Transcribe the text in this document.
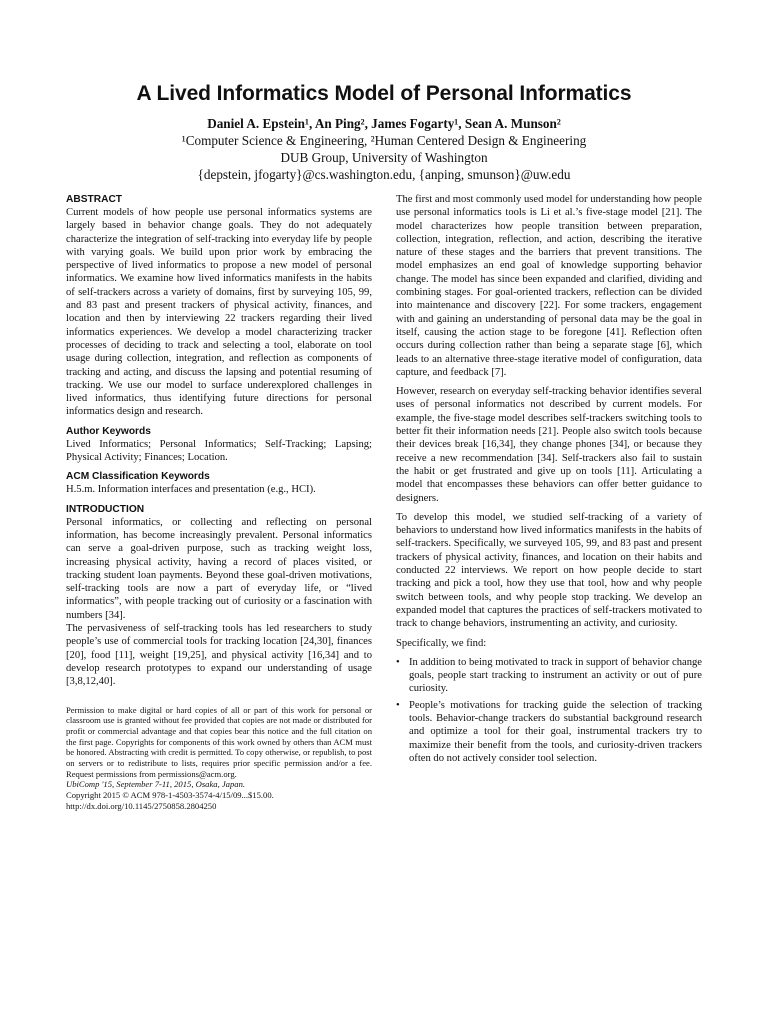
A Lived Informatics Model of Personal Informatics
Daniel A. Epstein¹, An Ping², James Fogarty¹, Sean A. Munson²
¹Computer Science & Engineering, ²Human Centered Design & Engineering
DUB Group, University of Washington
{depstein, jfogarty}@cs.washington.edu, {anping, smunson}@uw.edu
ABSTRACT

Current models of how people use personal informatics systems are largely based in behavior change goals. They do not adequately characterize the integration of self-tracking into everyday life by people with varying goals. We build upon prior work by embracing the perspective of lived informatics to propose a new model of personal informatics. We examine how lived informatics manifests in the habits of self-trackers across a variety of domains, first by surveying 105, 99, and 83 past and present trackers of physical activity, finances, and location and then by interviewing 22 trackers regarding their lived informatics experiences. We develop a model characterizing tracker processes of deciding to track and selecting a tool, elaborate on tool usage during collection, integration, and reflection as components of tracking and acting, and discuss the lapsing and potential resuming of tracking. We use our model to surface underexplored challenges in lived informatics, thus identifying future directions for personal informatics design and research.

Author Keywords

Lived Informatics; Personal Informatics; Self-Tracking; Lapsing; Physical Activity; Finances; Location.

ACM Classification Keywords

H.5.m. Information interfaces and presentation (e.g., HCI).

INTRODUCTION

Personal informatics, or collecting and reflecting on personal information, has become increasingly prevalent. Personal informatics can serve a goal-driven purpose, such as tracking weight loss, increasing physical activity, having a record of places visited, or tracking student loan payments. Beyond these goal-driven motivations, self-tracking tools are now a part of everyday life, or “lived informatics”, with people tracking out of curiosity or a fascination with numbers [34].

The pervasiveness of self-tracking tools has led researchers to study people’s use of commercial tools for tracking location [24,30], finances [20], food [11], weight [19,25], and physical activity [16,34] and to develop research prototypes to expand our understanding of usage [3,8,12,40].

Permission to make digital or hard copies of all or part of this work for personal or classroom use is granted without fee provided that copies are not made or distributed for profit or commercial advantage and that copies bear this notice and the full citation on the first page. Copyrights for components of this work owned by others than ACM must be honored. Abstracting with credit is permitted. To copy otherwise, or republish, to post on servers or to redistribute to lists, requires prior specific permission and/or a fee. Request permissions from permissions@acm.org.
UbiComp '15, September 7-11, 2015, Osaka, Japan.
Copyright 2015 © ACM 978-1-4503-3574-4/15/09...$15.00.
http://dx.doi.org/10.1145/2750858.2804250

The first and most commonly used model for understanding how people use personal informatics tools is Li et al.’s five-stage model [21]. The model characterizes how people transition between preparation, collection, integration, reflection, and action, describing the iterative nature of these stages and the barriers that prevent transitions. The model emphasizes an end goal of knowledge supporting behavior change. The model has since been expanded and clarified, dividing and combining stages. For goal-oriented trackers, reflection can be divided into maintenance and discovery [22]. For some trackers, engagement with and gaining an understanding of personal data may be the goal in itself, causing the action stage to be foregone [41]. Reflection often occurs during collection rather than being a separate stage [6], which leads to an alternative three-stage iterative model of configuration, data capture, and feedback [7].

However, research on everyday self-tracking behavior identifies several uses of personal informatics not described by current models. For example, the five-stage model describes self-trackers switching tools to better fit their information needs [21]. People also switch tools because their devices break [16,34], they change phones [34], or because they receive a new recommendation [34]. Self-trackers also fail to sustain the habit or get frustrated and give up on tools [11]. Articulating a model that encompasses these behaviors can offer better guidance to designers.

To develop this model, we studied self-tracking of a variety of behaviors to understand how lived informatics manifests in the habits of self-trackers. Specifically, we surveyed 105, 99, and 83 past and present trackers of physical activity, finances, and location on their habits and conducted 22 interviews. We report on how people decide to start tracking and pick a tool, how they use that tool, how and why people switch between tools, and why people stop tracking. We develop an expanded model that captures the practices of self-trackers motivated to track to change behaviors, instrumenting an activity, and curiosity.

Specifically, we find:

• In addition to being motivated to track in support of behavior change goals, people start tracking to instrument an activity or out of pure curiosity.
• People’s motivations for tracking guide the selection of tracking tools. Behavior-change trackers do substantial background research and optimize a tool for their goal, instrumental trackers try to maximize their benefit from the tools, and curiosity-driven trackers often do not actively consider tool selection.
